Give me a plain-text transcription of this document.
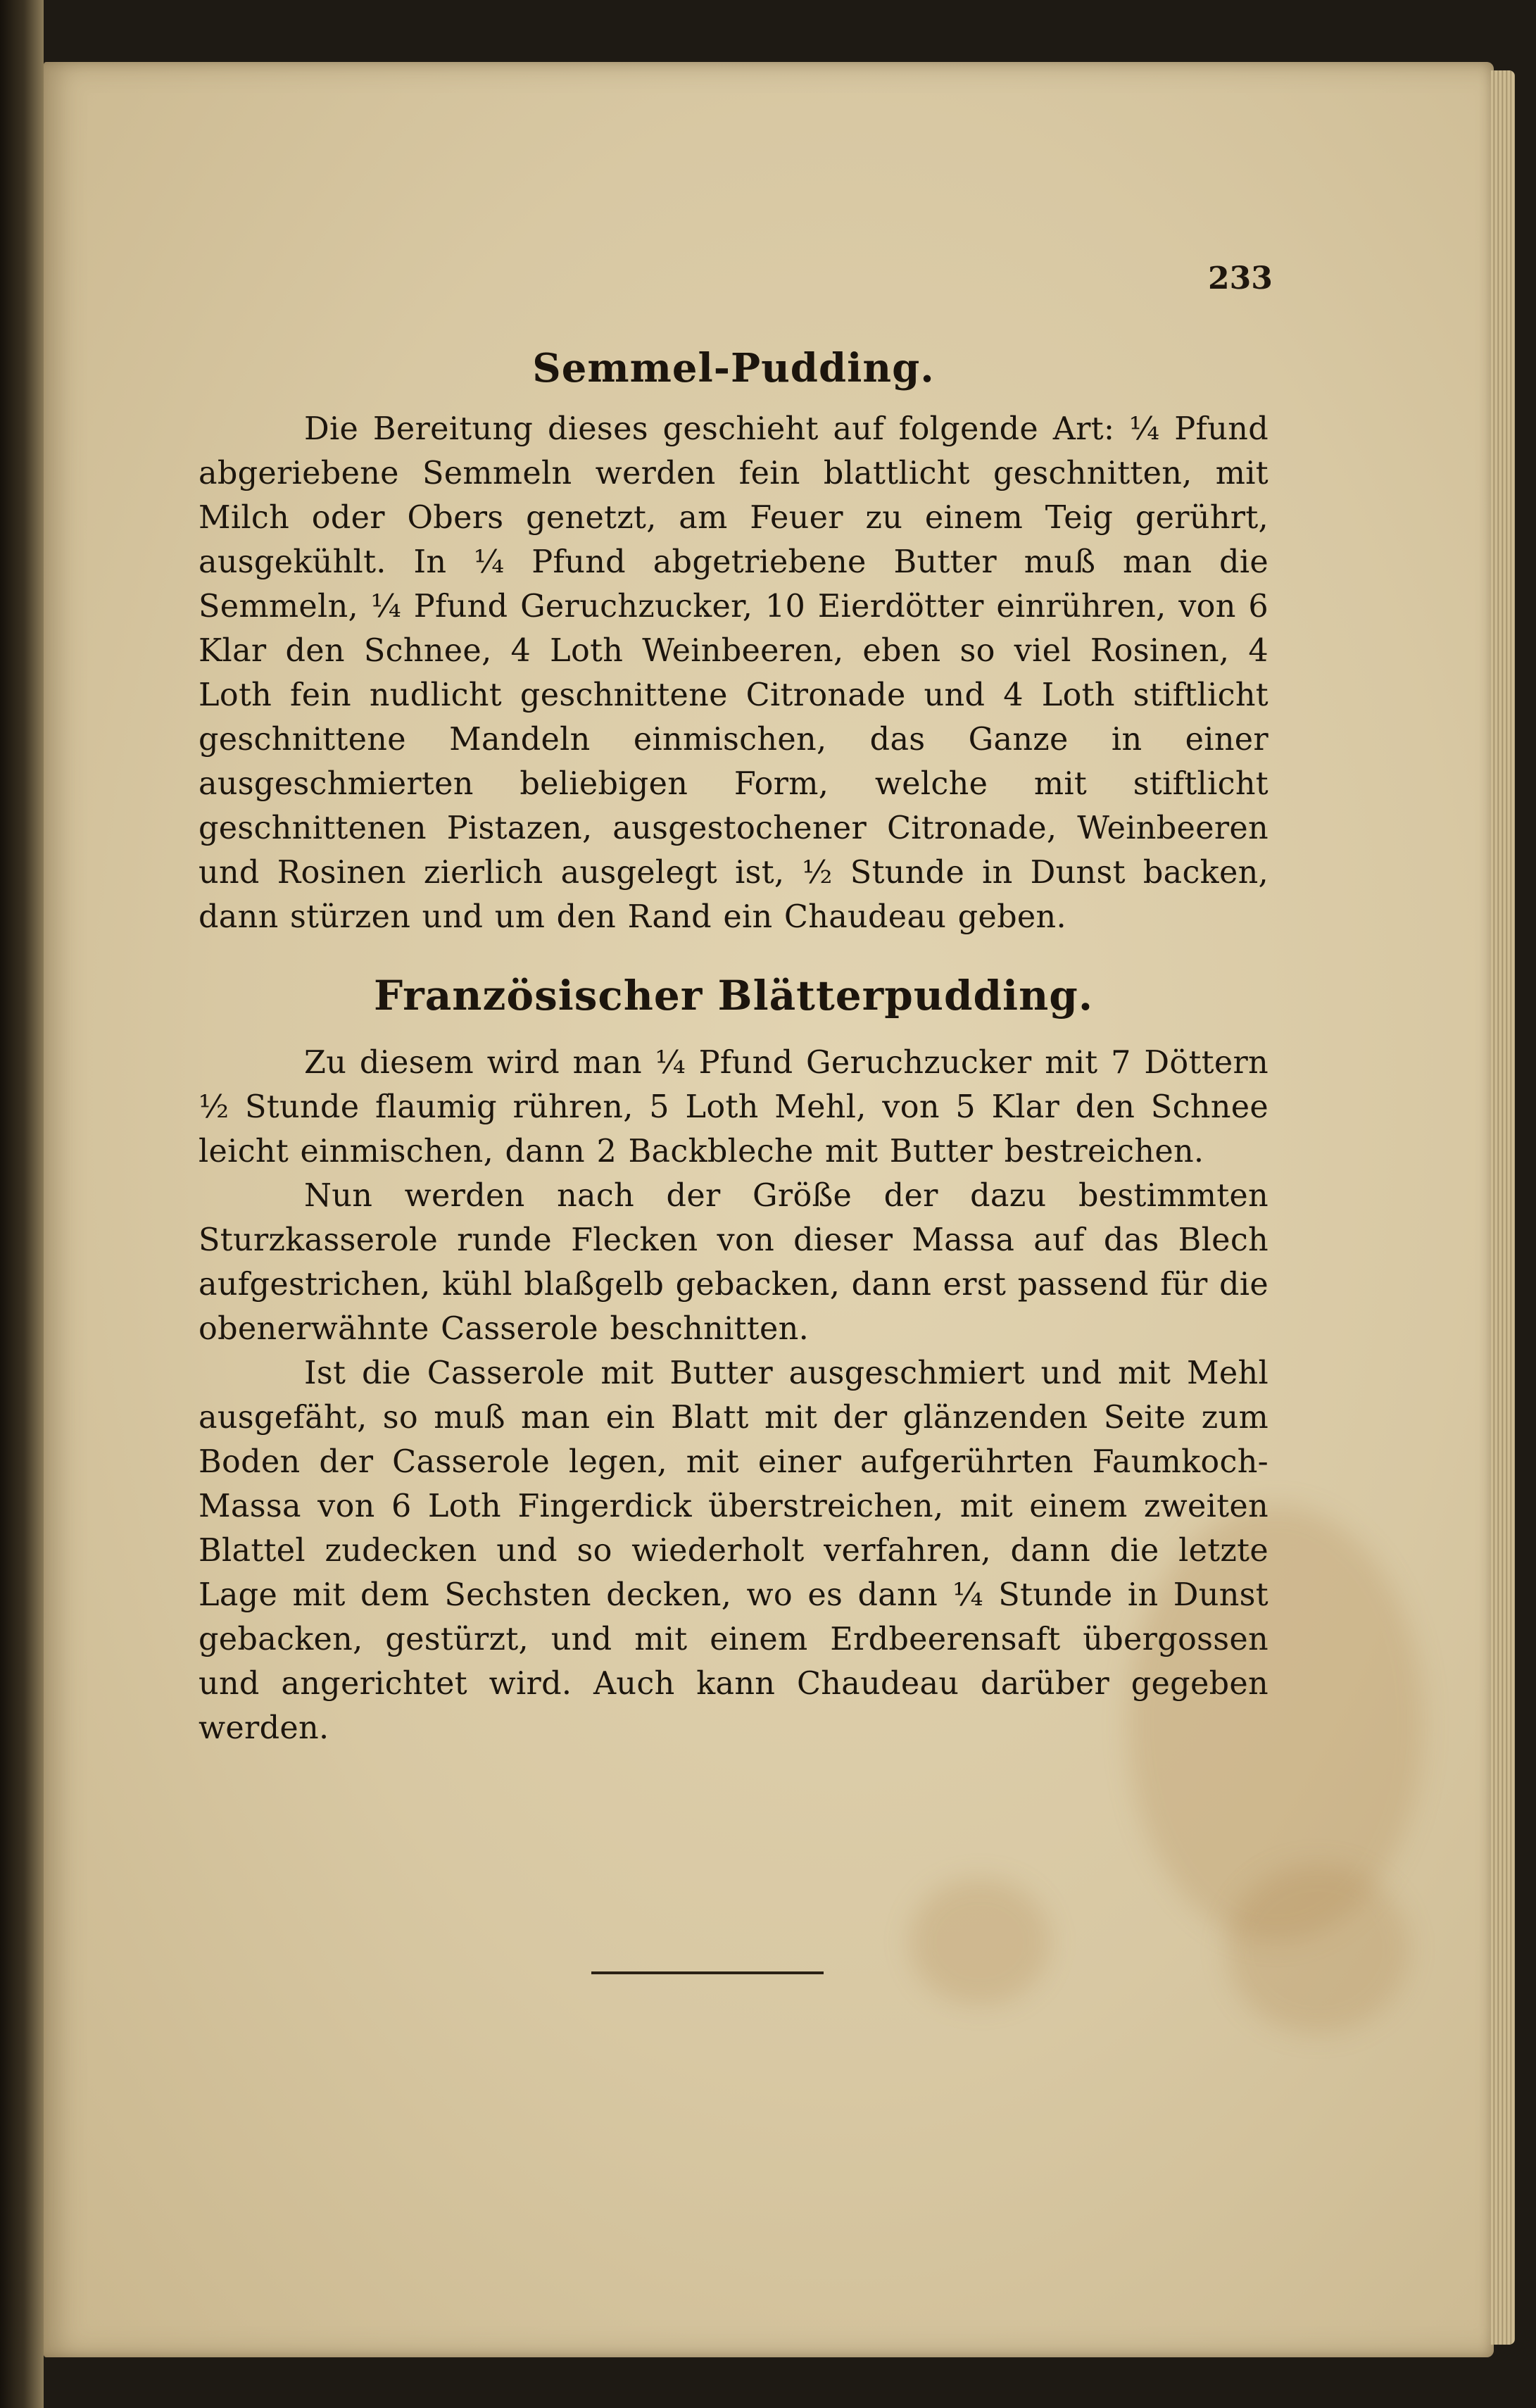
233
Semmel-Pudding.

Die Bereitung dieses geschieht auf folgende Art: ¼ Pfund abgeriebene Semmeln werden fein blattlicht geschnitten, mit Milch oder Obers genetzt, am Feuer zu einem Teig gerührt, ausgekühlt. In ¼ Pfund abgetriebene Butter muß man die Semmeln, ¼ Pfund Geruchzucker, 10 Eierdötter einrühren, von 6 Klar den Schnee, 4 Loth Weinbeeren, eben so viel Rosinen, 4 Loth fein nudlicht geschnittene Citronade und 4 Loth stiftlicht geschnittene Mandeln einmischen, das Ganze in einer ausgeschmierten beliebigen Form, welche mit stiftlicht geschnittenen Pistazen, ausgestochener Citronade, Weinbeeren und Rosinen zierlich ausgelegt ist, ½ Stunde in Dunst backen, dann stürzen und um den Rand ein Chaudeau geben.

Französischer Blätterpudding.

Zu diesem wird man ¼ Pfund Geruchzucker mit 7 Döttern ½ Stunde flaumig rühren, 5 Loth Mehl, von 5 Klar den Schnee leicht einmischen, dann 2 Backbleche mit Butter bestreichen.

Nun werden nach der Größe der dazu bestimmten Sturzkasserole runde Flecken von dieser Massa auf das Blech aufgestrichen, kühl blaßgelb gebacken, dann erst passend für die obenerwähnte Casserole beschnitten.

Ist die Casserole mit Butter ausgeschmiert und mit Mehl ausgefäht, so muß man ein Blatt mit der glänzenden Seite zum Boden der Casserole legen, mit einer aufgerührten Faumkoch-Massa von 6 Loth Fingerdick überstreichen, mit einem zweiten Blattel zudecken und so wiederholt verfahren, dann die letzte Lage mit dem Sechsten decken, wo es dann ¼ Stunde in Dunst gebacken, gestürzt, und mit einem Erdbeerensaft übergossen und angerichtet wird. Auch kann Chaudeau darüber gegeben werden.
